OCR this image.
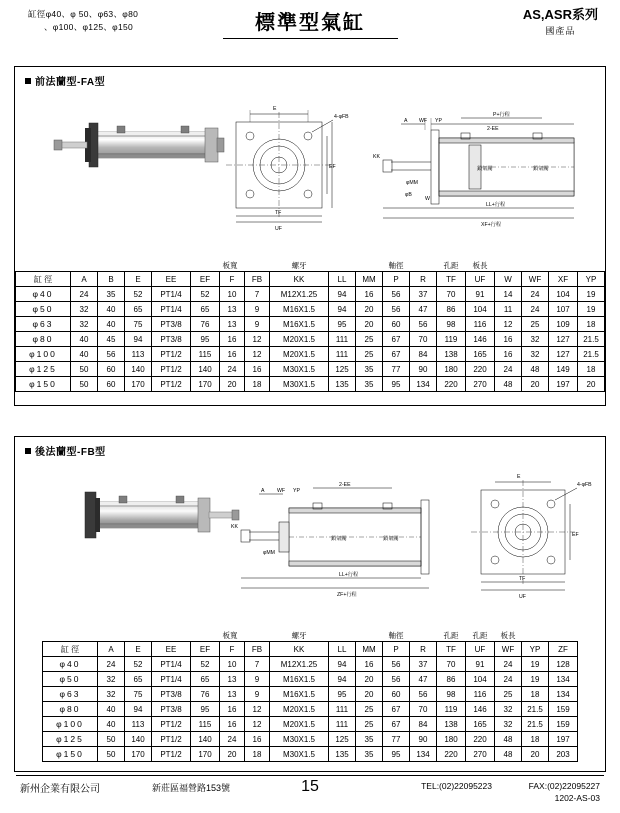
缸徑φ40、φ 50、φ63、φ80
、φ100、φ125、φ150	標準型氣缸	AS,ASR系列
國產品
前法蘭型-FA型
E
4-φFB
EF
TF
UF
A WF YP
P+行程
2-EE
KK
φMM
φB
W
LL+行程
XF+行程
鎖氣閥	鎖氣閥
					板寬			螺牙		軸徑			孔距	板長				
缸 徑	A	B	E	EE	EF	F	FB	KK	LL	MM	P	R	TF	UF	W	WF	XF	YP
φ40	24	35	52	PT1/4	52	10	7	M12X1.25	94	16	56	37	70	91	14	24	104	19
φ50	32	40	65	PT1/4	65	13	9	M16X1.5	94	20	56	47	86	104	11	24	107	19
φ63	32	40	75	PT3/8	76	13	9	M16X1.5	95	20	60	56	98	116	12	25	109	18
φ80	40	45	94	PT3/8	95	16	12	M20X1.5	111	25	67	70	119	146	16	32	127	21.5
φ100	40	56	113	PT1/2	115	16	12	M20X1.5	111	25	67	84	138	165	16	32	127	21.5
φ125	50	60	140	PT1/2	140	24	16	M30X1.5	125	35	77	90	180	220	24	48	149	18
φ150	50	60	170	PT1/2	170	20	18	M30X1.5	135	35	95	134	220	270	48	20	197	20
後法蘭型-FB型
A WF YP
2-EE
KK
φMM
LL+行程
ZF+行程
鎖氣閥	鎖氣閥
E
4-φFB
EF
TF
UF
				板寬			螺牙		軸徑			孔距	孔距	板長		
缸 徑	A	E	EE	EF	F	FB	KK	LL	MM	P	R	TF	UF	WF	YP	ZF
φ40	24	52	PT1/4	52	10	7	M12X1.25	94	16	56	37	70	91	24	19	128
φ50	32	65	PT1/4	65	13	9	M16X1.5	94	20	56	47	86	104	24	19	134
φ63	32	75	PT3/8	76	13	9	M16X1.5	95	20	60	56	98	116	25	18	134
φ80	40	94	PT3/8	95	16	12	M20X1.5	111	25	67	70	119	146	32	21.5	159
φ100	40	113	PT1/2	115	16	12	M20X1.5	111	25	67	84	138	165	32	21.5	159
φ125	50	140	PT1/2	140	24	16	M30X1.5	125	35	77	90	180	220	48	18	197
φ150	50	170	PT1/2	170	20	18	M30X1.5	135	35	95	134	220	270	48	20	203
新州企業有限公司	新莊區福營路153號	15	TEL:(02)22095223	FAX:(02)22095227
1202-AS-03
